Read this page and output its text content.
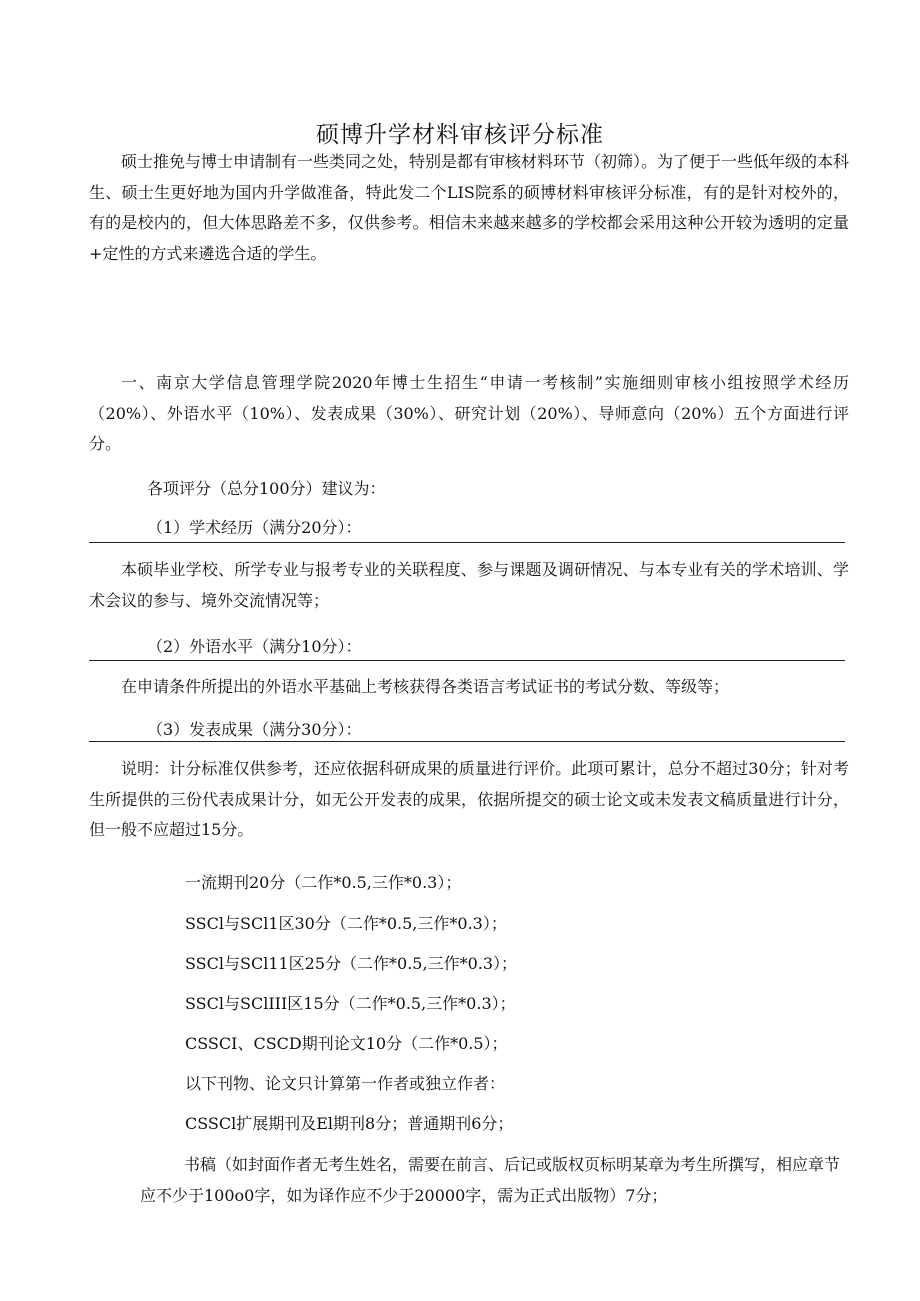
硕博升学材料审核评分标准

硕士推免与博士申请制有一些类同之处，特别是都有审核材料环节（初筛）。为了便于一些低年级的本科生、硕士生更好地为国内升学做准备，特此发二个LIS院系的硕博材料审核评分标准，有的是针对校外的，有的是校内的，但大体思路差不多，仅供参考。相信未来越来越多的学校都会采用这种公开较为透明的定量+定性的方式来遴选合适的学生。

一、南京大学信息管理学院2020年博士生招生“申请一考核制”实施细则审核小组按照学术经历（20%）、外语水平（10%）、发表成果（30%）、研究计划（20%）、导师意向（20%）五个方面进行评分。

各项评分（总分100分）建议为：
（1）学术经历（满分20分）：

本硕毕业学校、所学专业与报考专业的关联程度、参与课题及调研情况、与本专业有关的学术培训、学术会议的参与、境外交流情况等；

（2）外语水平（满分10分）：

在申请条件所提出的外语水平基础上考核获得各类语言考试证书的考试分数、等级等；

（3）发表成果（满分30分）：

说明：计分标准仅供参考，还应依据科研成果的质量进行评价。此项可累计，总分不超过30分；针对考生所提供的三份代表成果计分，如无公开发表的成果，依据所提交的硕士论文或未发表文稿质量进行计分，但一般不应超过15分。

一流期刊20分（二作*0.5,三作*0.3）；
SSCl与SCl1区30分（二作*0.5,三作*0.3）；
SSCl与SCl11区25分（二作*0.5,三作*0.3）；
SSCl与SClIII区15分（二作*0.5,三作*0.3）；
CSSCI、CSCD期刊论文10分（二作*0.5）；
以下刊物、论文只计算第一作者或独立作者：
CSSCl扩展期刊及El期刊8分；普通期刊6分；

书稿（如封面作者无考生姓名，需要在前言、后记或版权页标明某章为考生所撰写，相应章节应不少于100o0字，如为译作应不少于20000字，需为正式出版物）7分；
